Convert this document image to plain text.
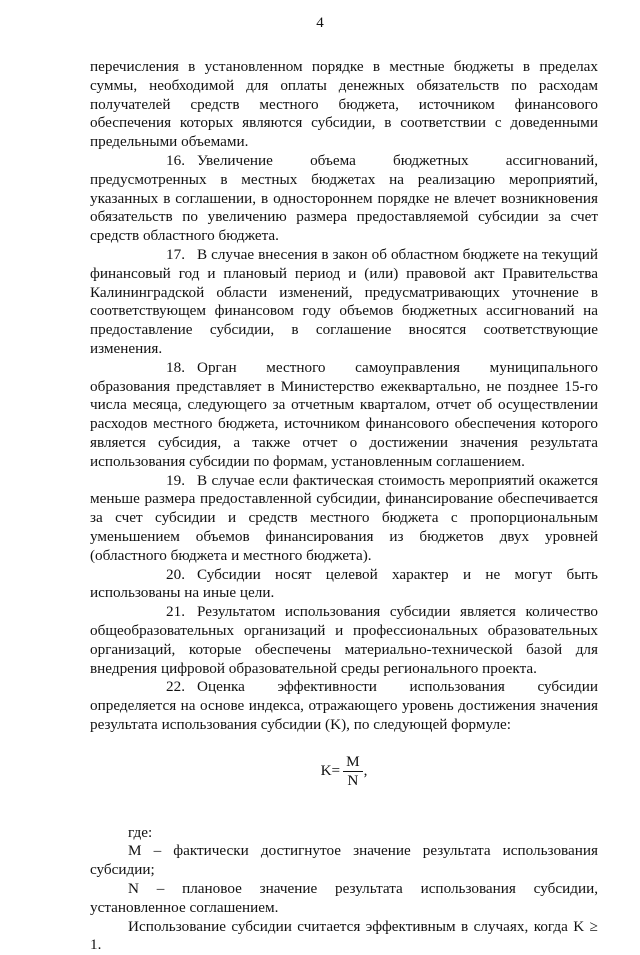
4

перечисления в установленном порядке в местные бюджеты в пределах суммы, необходимой для оплаты денежных обязательств по расходам получателей средств местного бюджета, источником финансового обеспечения которых являются субсидии, в соответствии с доведенными предельными объемами.

16. Увеличение объема бюджетных ассигнований, предусмотренных в местных бюджетах на реализацию мероприятий, указанных в соглашении, в одностороннем порядке не влечет возникновения обязательств по увеличению размера предоставляемой субсидии за счет средств областного бюджета.

17. В случае внесения в закон об областном бюджете на текущий финансовый год и плановый период и (или) правовой акт Правительства Калининградской области изменений, предусматривающих уточнение в соответствующем финансовом году объемов бюджетных ассигнований на предоставление субсидии, в соглашение вносятся соответствующие изменения.

18. Орган местного самоуправления муниципального образования представляет в Министерство ежеквартально, не позднее 15-го числа месяца, следующего за отчетным кварталом, отчет об осуществлении расходов местного бюджета, источником финансового обеспечения которого является субсидия, а также отчет о достижении значения результата использования субсидии по формам, установленным соглашением.

19. В случае если фактическая стоимость мероприятий окажется меньше размера предоставленной субсидии, финансирование обеспечивается за счет субсидии и средств местного бюджета с пропорциональным уменьшением объемов финансирования из бюджетов двух уровней (областного бюджета и местного бюджета).

20. Субсидии носят целевой характер и не могут быть использованы на иные цели.

21. Результатом использования субсидии является количество общеобразовательных организаций и профессиональных образовательных организаций, которые обеспечены материально-технической базой для внедрения цифровой образовательной среды регионального проекта.

22. Оценка эффективности использования субсидии определяется на основе индекса, отражающего уровень достижения значения результата использования субсидии (K), по следующей формуле:

$K= \frac{M}{N}$ ,

где:

M – фактически достигнутое значение результата использования субсидии;

N – плановое значение результата использования субсидии, установленное соглашением.

Использование субсидии считается эффективным в случаях, когда K ≥ 1.
